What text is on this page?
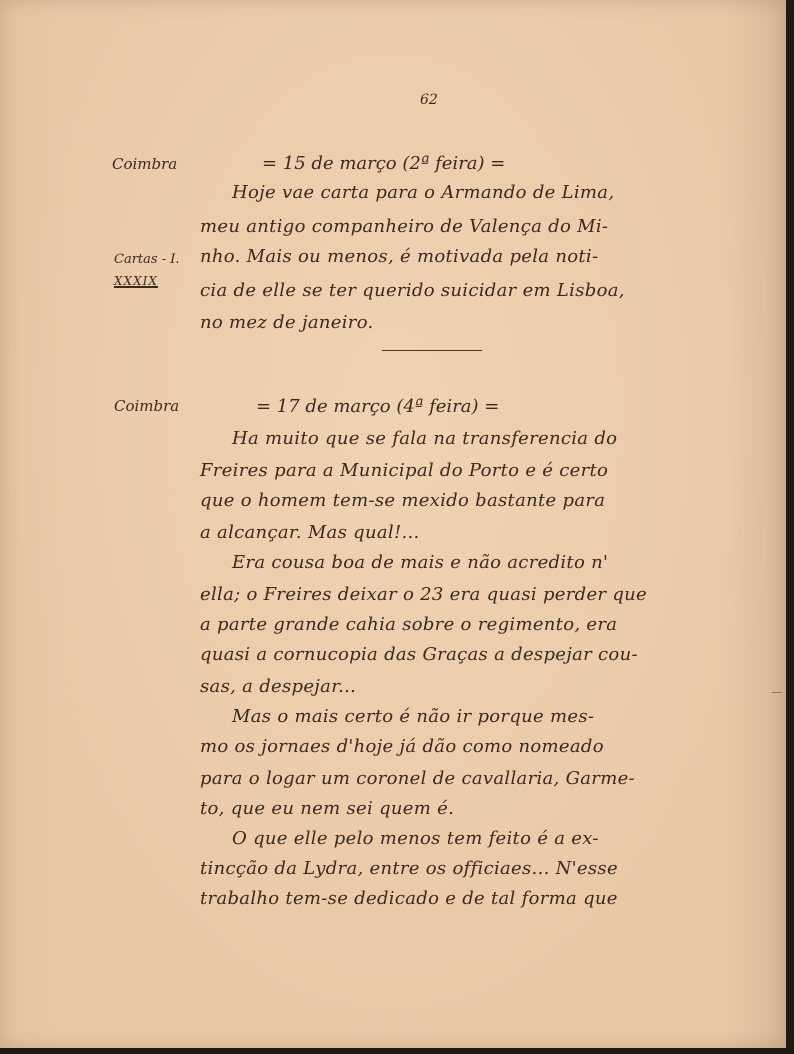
62
Coimbra	= 15 de março (2ª feira) =
Hoje vae carta para o Armando de Lima,
meu antigo companheiro de Valença do Mi-
nho. Mais ou menos, é motivada pela noti-
cia de elle se ter querido suicidar em Lisboa,
no mez de janeiro.
Cartas - I.
XXXIX
Coimbra	= 17 de março (4ª feira) =
Ha muito que se fala na transferencia do
Freires para a Municipal do Porto e é certo
que o homem tem-se mexido bastante para
a alcançar. Mas qual!...
Era cousa boa de mais e não acredito n'
ella; o Freires deixar o 23 era quasi perder que
a parte grande cahia sobre o regimento, era
quasi a cornucopia das Graças a despejar cou-
sas, a despejar...
Mas o mais certo é não ir porque mes-
mo os jornaes d'hoje já dão como nomeado
para o logar um coronel de cavallaria, Garme-
to, que eu nem sei quem é.
O que elle pelo menos tem feito é a ex-
tincção da Lydra, entre os officiaes... N'esse
trabalho tem-se dedicado e de tal forma que
